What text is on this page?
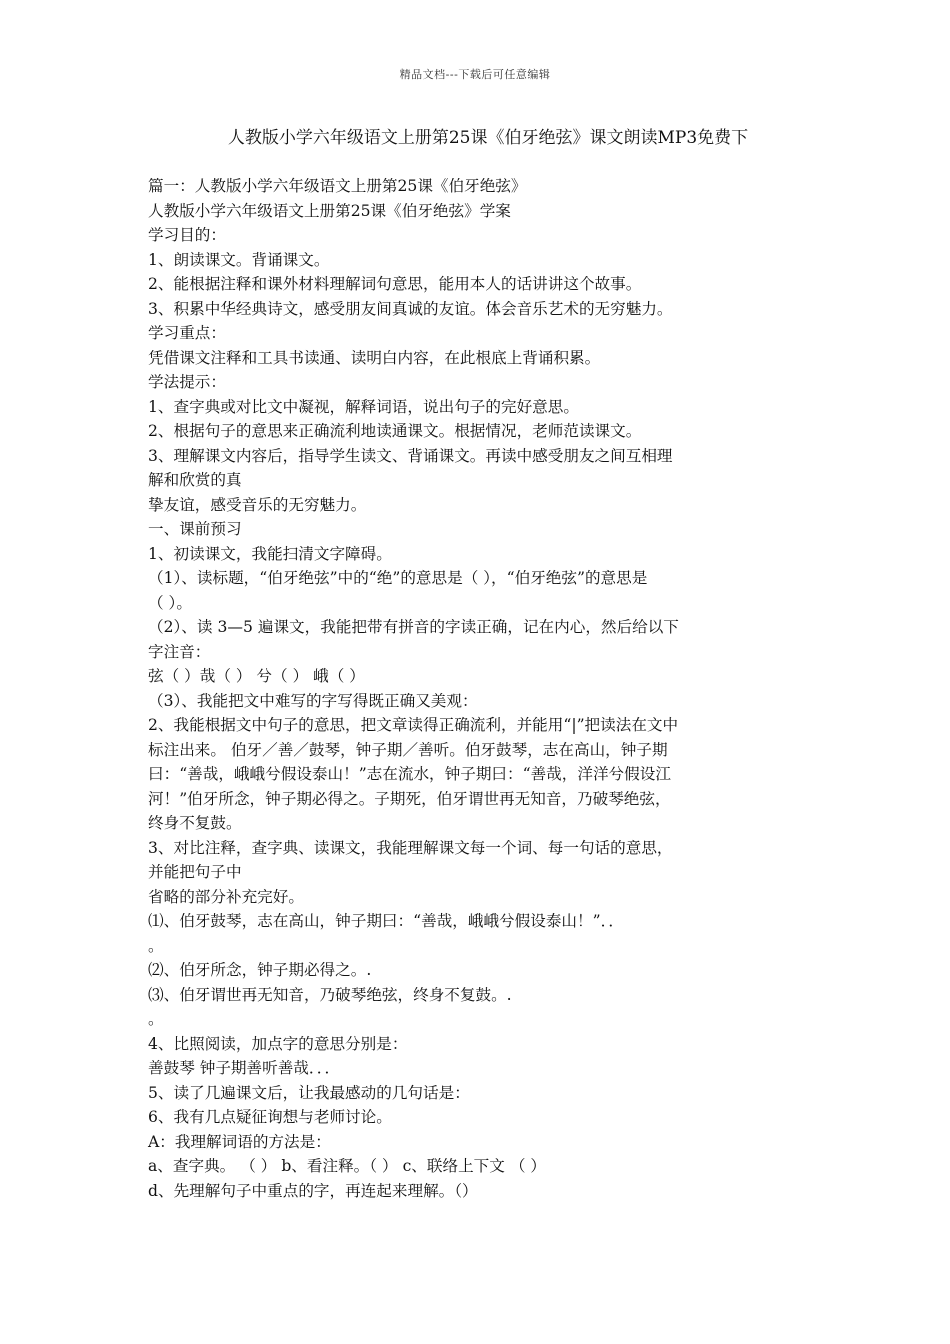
精品文档---下载后可任意编辑
人教版小学六年级语文上册第25课《伯牙绝弦》课文朗读MP3免费下
篇一：人教版小学六年级语文上册第25课《伯牙绝弦》
人教版小学六年级语文上册第25课《伯牙绝弦》学案
学习目的：
1、朗读课文。背诵课文。
2、能根据注释和课外材料理解词句意思，能用本人的话讲讲这个故事。
3、积累中华经典诗文，感受朋友间真诚的友谊。体会音乐艺术的无穷魅力。
学习重点：
凭借课文注释和工具书读通、读明白内容，在此根底上背诵积累。
学法提示：
1、查字典或对比文中凝视，解释词语，说出句子的完好意思。
2、根据句子的意思来正确流利地读通课文。根据情况，老师范读课文。
3、理解课文内容后，指导学生读文、背诵课文。再读中感受朋友之间互相理
解和欣赏的真
挚友谊，感受音乐的无穷魅力。
一、课前预习
1、初读课文，我能扫清文字障碍。
（1）、读标题，“伯牙绝弦”中的“绝”的意思是（ ），“伯牙绝弦”的意思是
（ ）。
（2）、读 3—5 遍课文，我能把带有拼音的字读正确，记在内心，然后给以下
字注音：
弦（ ）哉（ ） 兮（ ） 峨（ ）
（3）、我能把文中难写的字写得既正确又美观：
2、我能根据文中句子的意思，把文章读得正确流利，并能用“|”把读法在文中
标注出来。 伯牙／善／鼓琴，钟子期／善听。伯牙鼓琴，志在高山，钟子期
曰：“善哉，峨峨兮假设泰山！”志在流水，钟子期曰：“善哉，洋洋兮假设江
河！”伯牙所念，钟子期必得之。子期死，伯牙谓世再无知音，乃破琴绝弦，
终身不复鼓。
3、对比注释，查字典、读课文，我能理解课文每一个词、每一句话的意思，
并能把句子中
省略的部分补充完好。
⑴、伯牙鼓琴，志在高山，钟子期曰：“善哉，峨峨兮假设泰山！”．．
。
⑵、伯牙所念，钟子期必得之。.
⑶、伯牙谓世再无知音，乃破琴绝弦，终身不复鼓。.
。
4、比照阅读，加点字的意思分别是：
善鼓琴 钟子期善听善哉．．．
5、读了几遍课文后，让我最感动的几句话是：
6、我有几点疑征询想与老师讨论。
A：我理解词语的方法是：
a、查字典。 （ ） b、看注释。（ ） c、联络上下文 （ ）
d、先理解句子中重点的字，再连起来理解。（）
